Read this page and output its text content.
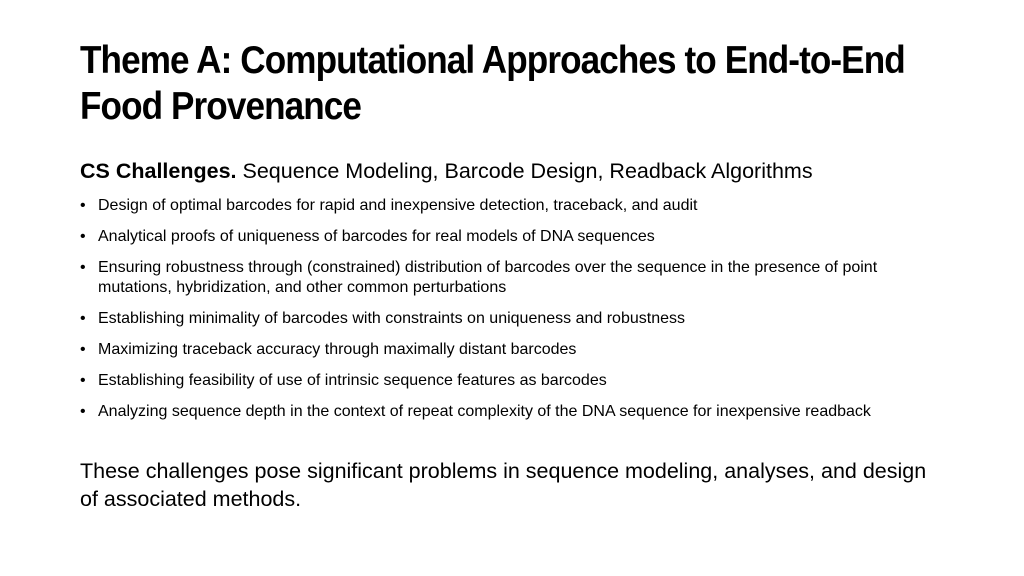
Theme A: Computational Approaches to End-to-End Food Provenance

CS Challenges. Sequence Modeling, Barcode Design, Readback Algorithms

• Design of optimal barcodes for rapid and inexpensive detection, traceback, and audit
• Analytical proofs of uniqueness of barcodes for real models of DNA sequences
• Ensuring robustness through (constrained) distribution of barcodes over the sequence in the presence of point mutations, hybridization, and other common perturbations
• Establishing minimality of barcodes with constraints on uniqueness and robustness
• Maximizing traceback accuracy through maximally distant barcodes
• Establishing feasibility of use of intrinsic sequence features as barcodes
• Analyzing sequence depth in the context of repeat complexity of the DNA sequence for inexpensive readback

These challenges pose significant problems in sequence modeling, analyses, and design of associated methods.
